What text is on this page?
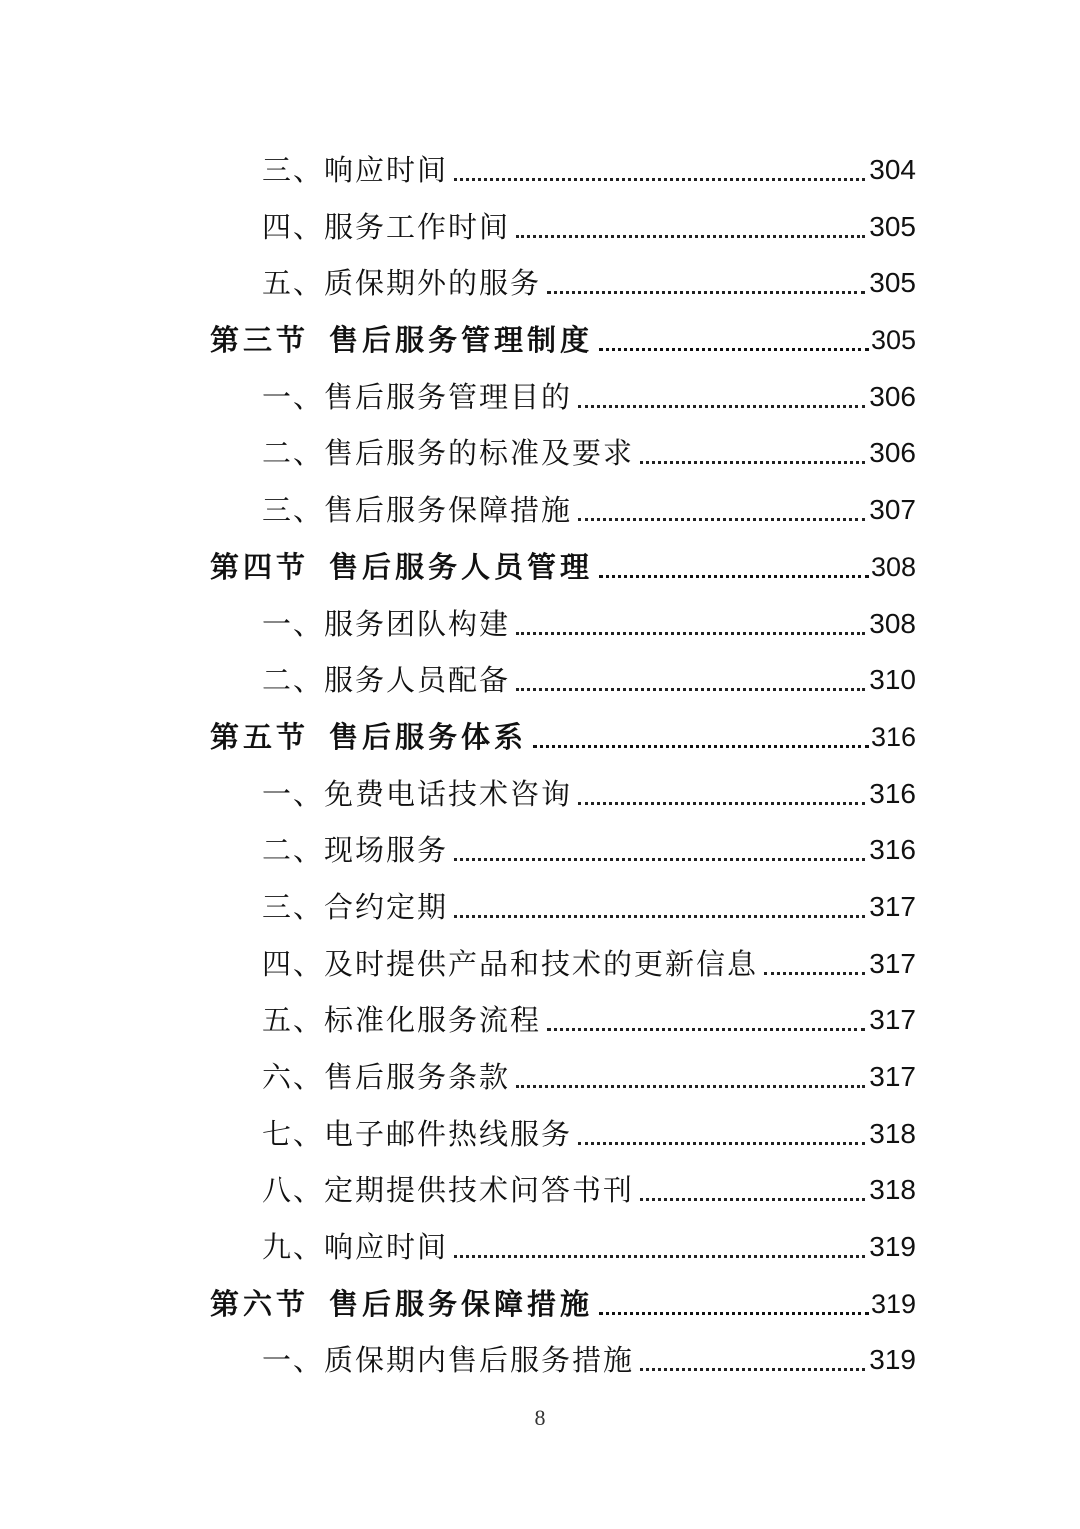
三、响应时间	304
四、服务工作时间	305
五、质保期外的服务	305
第三节 售后服务管理制度	305
一、售后服务管理目的	306
二、售后服务的标准及要求	306
三、售后服务保障措施	307
第四节 售后服务人员管理	308
一、服务团队构建	308
二、服务人员配备	310
第五节 售后服务体系	316
一、免费电话技术咨询	316
二、现场服务	316
三、合约定期	317
四、及时提供产品和技术的更新信息	317
五、标准化服务流程	317
六、售后服务条款	317
七、电子邮件热线服务	318
八、定期提供技术问答书刊	318
九、响应时间	319
第六节 售后服务保障措施	319
一、质保期内售后服务措施	319
8
